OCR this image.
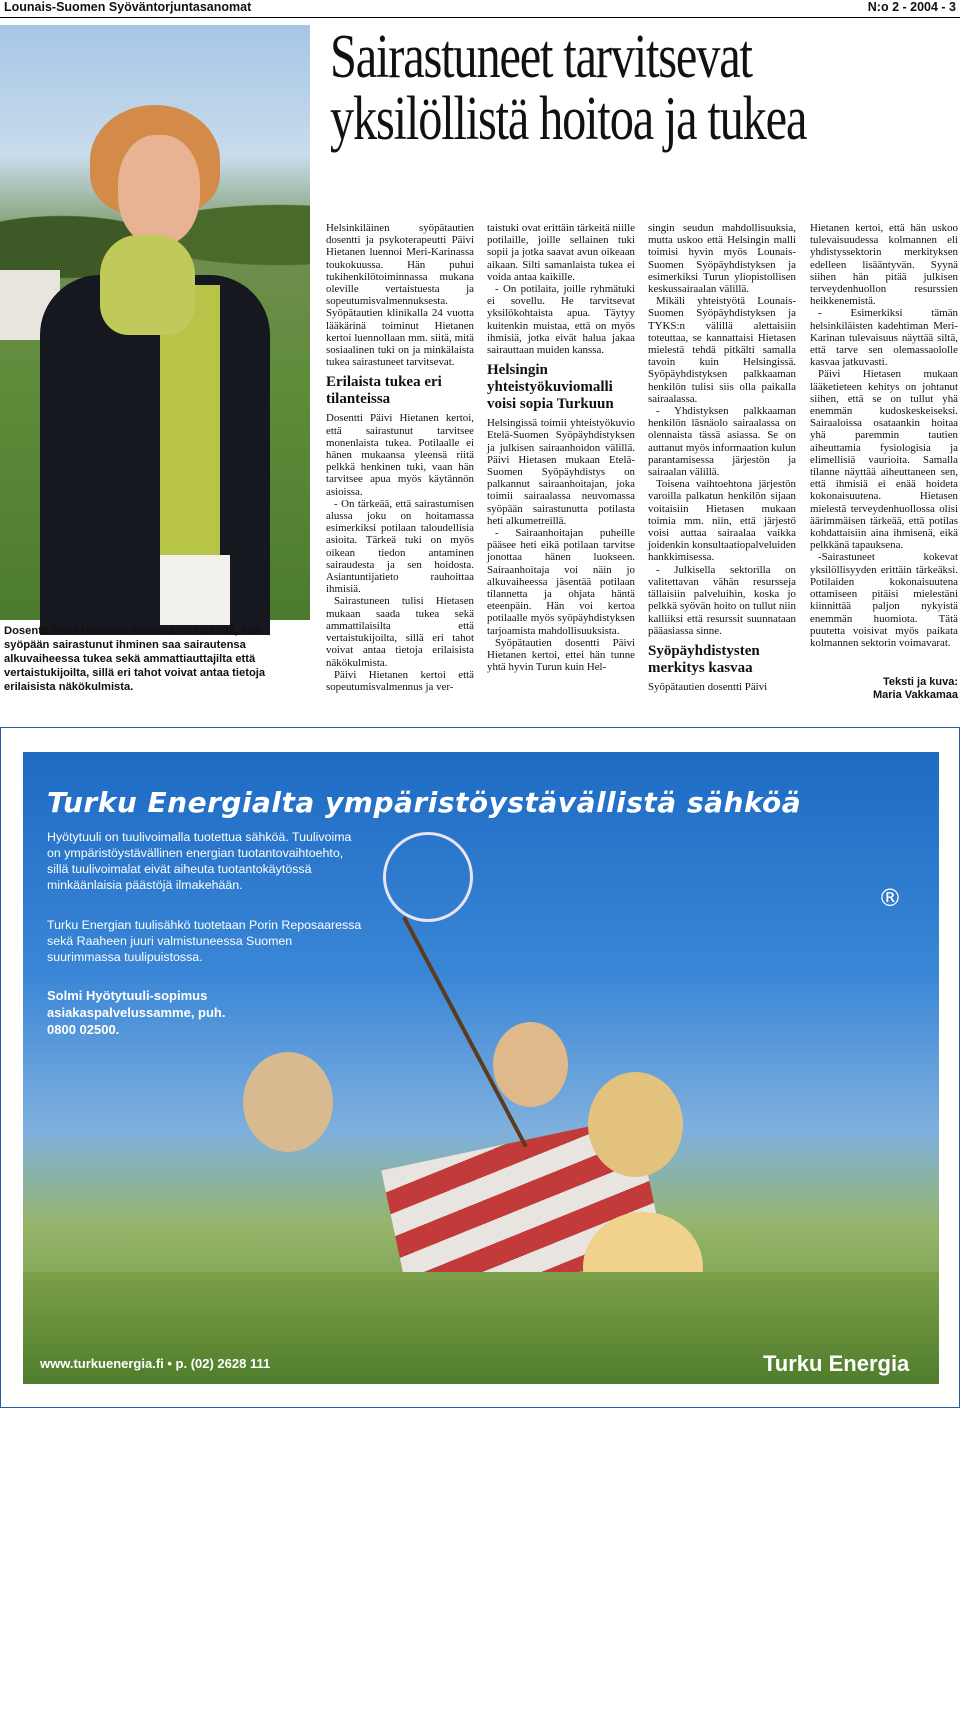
Lounais-Suomen Syöväntorjuntasanomat	N:o 2 - 2004 - 3
Sairastuneet tarvitsevat
yksilöllistä hoitoa ja tukea
Dosentti Päivi Hietasen mielestä on tärkeää, että syöpään sairastunut ihminen saa sairautensa alkuvaiheessa tukea sekä ammattiauttajilta että vertaistukijoilta, sillä eri tahot voivat antaa tietoja erilaisista näkökulmista.

Helsinkiläinen syöpätautien dosentti ja psykoterapeutti Päivi Hietanen luennoi Meri-Karinassa toukokuussa. Hän puhui tukihenkilötoiminnassa mukana oleville vertaistuesta ja sopeutumisvalmennuksesta. Syöpätautien klinikalla 24 vuotta lääkärinä toiminut Hietanen kertoi luennollaan mm. siitä, mitä sosiaalinen tuki on ja minkälaista tukea sairastuneet tarvitsevat.

Erilaista tukea eri tilanteissa

Dosentti Päivi Hietanen kertoi, että sairastunut tarvitsee monenlaista tukea. Potilaalle ei hänen mukaansa yleensä riitä pelkkä henkinen tuki, vaan hän tarvitsee apua myös käytännön asioissa.

- On tärkeää, että sairastumisen alussa joku on hoitamassa esimerkiksi potilaan taloudellisia asioita. Tärkeä tuki on myös oikean tiedon antaminen sairaudesta ja sen hoidosta. Asiantuntijatieto rauhoittaa ihmisiä.

Sairastuneen tulisi Hietasen mukaan saada tukea sekä ammattilaisilta että vertaistukijoilta, sillä eri tahot voivat antaa tietoja erilaisista näkökulmista.

Päivi Hietanen kertoi että sopeutumisvalmennus ja ver-

taistuki ovat erittäin tärkeitä niille potilaille, joille sellainen tuki sopii ja jotka saavat avun oikeaan aikaan. Silti samanlaista tukea ei voida antaa kaikille.

- On potilaita, joille ryhmätuki ei sovellu. He tarvitsevat yksilökohtaista apua. Täytyy kuitenkin muistaa, että on myös ihmisiä, jotka eivät halua jakaa sairauttaan muiden kanssa.

Helsingin yhteistyökuviomalli voisi sopia Turkuun

Helsingissä toimii yhteistyökuvio Etelä-Suomen Syöpäyhdistyksen ja julkisen sairaanhoidon välillä. Päivi Hietasen mukaan Etelä-Suomen Syöpäyhdistys on palkannut sairaanhoitajan, joka toimii sairaalassa neuvomassa syöpään sairastunutta potilasta heti alkumetreillä.

- Sairaanhoitajan puheille pääsee heti eikä potilaan tarvitse jonottaa hänen luokseen. Sairaanhoitaja voi näin jo alkuvaiheessa jäsentää potilaan tilannetta ja ohjata häntä eteenpäin. Hän voi kertoa potilaalle myös syöpäyhdistyksen tarjoamista mahdollisuuksista.

Syöpätautien dosentti Päivi Hietanen kertoi, ettei hän tunne yhtä hyvin Turun kuin Hel-

singin seudun mahdollisuuksia, mutta uskoo että Helsingin malli toimisi hyvin myös Lounais-Suomen Syöpäyhdistyksen ja esimerkiksi Turun yliopistollisen keskussairaalan välillä.

Mikäli yhteistyötä Lounais-Suomen Syöpäyhdistyksen ja TYKS:n välillä alettaisiin toteuttaa, se kannattaisi Hietasen mielestä tehdä pitkälti samalla tavoin kuin Helsingissä. Syöpäyhdistyksen palkkaaman henkilön tulisi siis olla paikalla sairaalassa.

- Yhdistyksen palkkaaman henkilön läsnäolo sairaalassa on olennaista tässä asiassa. Se on auttanut myös informaation kulun parantamisessa järjestön ja sairaalan välillä.

Toisena vaihtoehtona järjestön varoilla palkatun henkilön sijaan voitaisiin Hietasen mukaan toimia mm. niin, että järjestö voisi auttaa sairaalaa vaikka joidenkin konsultaatiopalveluiden hankkimisessa.

- Julkisella sektorilla on valitettavan vähän resursseja tällaisiin palveluihin, koska jo pelkkä syövän hoito on tullut niin kalliiksi että resurssit suunnataan pääasiassa sinne.

Syöpäyhdistysten merkitys kasvaa

Syöpätautien dosentti Päivi

Hietanen kertoi, että hän uskoo tulevaisuudessa kolmannen eli yhdistyssektorin merkityksen edelleen lisääntyvän. Syynä siihen hän pitää julkisen terveydenhuollon resurssien heikkenemistä.

- Esimerkiksi tämän helsinkiläisten kadehtiman Meri-Karinan tulevaisuus näyttää siltä, että tarve sen olemassaololle kasvaa jatkuvasti.

Päivi Hietasen mukaan lääketieteen kehitys on johtanut siihen, että se on tullut yhä enemmän kudoskeskeiseksi. Sairaaloissa osataankin hoitaa yhä paremmin tautien aiheuttamia fysiologisia ja elimellisiä vaurioita. Samalla tilanne näyttää aiheuttaneen sen, että ihmisiä ei enää hoideta kokonaisuutena. Hietasen mielestä terveydenhuollossa olisi äärimmäisen tärkeää, että potilas kohdattaisiin aina ihmisenä, eikä pelkkänä tapauksena.

-Sairastuneet kokevat yksilöllisyyden erittäin tärkeäksi. Potilaiden kokonaisuutena ottamiseen pitäisi mielestäni kiinnittää paljon nykyistä enemmän huomiota. Tätä puutetta voisivat myös paikata kolmannen sektorin voimavarat.

Teksti ja kuva:
Maria Vakkamaa
HYÖTY
TUULI
Turku Energialta ympäristöystävällistä sähköä
Hyötytuuli on tuulivoimalla tuotettua sähköä. Tuulivoima on ympäristöystävällinen energian tuotantovaihtoehto, sillä tuulivoimalat eivät aiheuta tuotantokäytössä minkäänlaisia päästöjä ilmakehään.
Turku Energian tuulisähkö tuotetaan Porin Reposaaressa sekä Raaheen juuri valmistuneessa Suomen suurimmassa tuulipuistossa.
Solmi Hyötytuuli-sopimus asiakaspalvelussamme, puh. 0800 02500.
®
www.turkuenergia.fi • p. (02) 2628 111	Turku Energia
